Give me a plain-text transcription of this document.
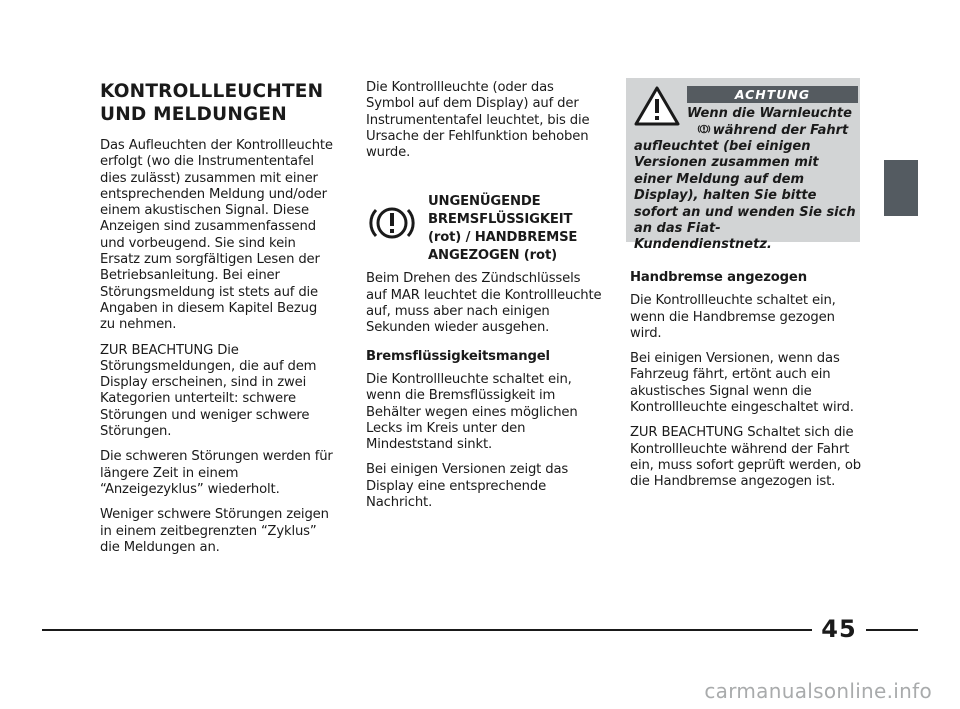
KONTROLLLEUCHTEN
UND MELDUNGEN

Das Aufleuchten der Kontrollleuchte erfolgt (wo die Instrumententafel dies zulässt) zusammen mit einer entsprechenden Meldung und/oder einem akustischen Signal. Diese Anzeigen sind zusammenfassend und vorbeugend. Sie sind kein Ersatz zum sorgfältigen Lesen der Betriebsanleitung. Bei einer Störungsmeldung ist stets auf die Angaben in diesem Kapitel Bezug zu nehmen.

ZUR BEACHTUNG Die Störungsmeldungen, die auf dem Display erscheinen, sind in zwei Kategorien unterteilt: schwere Störungen und weniger schwere Störungen.

Die schweren Störungen werden für längere Zeit in einem “Anzeigezyklus” wiederholt.

Weniger schwere Störungen zeigen in einem zeitbegrenzten “Zyklus” die Meldungen an.

Die Kontrollleuchte (oder das Symbol auf dem Display) auf der Instrumententafel leuchtet, bis die Ursache der Fehlfunktion behoben wurde.

UNGENÜGENDE BREMSFLÜSSIGKEIT (rot) / HANDBREMSE ANGEZOGEN (rot)

Beim Drehen des Zündschlüssels auf MAR leuchtet die Kontrollleuchte auf, muss aber nach einigen Sekunden wieder ausgehen.

Bremsflüssigkeitsmangel

Die Kontrollleuchte schaltet ein, wenn die Bremsflüssigkeit im Behälter wegen eines möglichen Lecks im Kreis unter den Mindeststand sinkt.

Bei einigen Versionen zeigt das Display eine entsprechende Nachricht.

ACHTUNG
Wenn die Warnleuchte

während der Fahrt
aufleuchtet (bei einigen Versionen zusammen mit einer Meldung auf dem Display), halten Sie bitte sofort an und wenden Sie sich an das Fiat-Kundendienstnetz.
Handbremse angezogen

Die Kontrollleuchte schaltet ein, wenn die Handbremse gezogen wird.

Bei einigen Versionen, wenn das Fahrzeug fährt, ertönt auch ein akustisches Signal wenn die Kontrollleuchte eingeschaltet wird.

ZUR BEACHTUNG Schaltet sich die Kontrollleuchte während der Fahrt ein, muss sofort geprüft werden, ob die Handbremse angezogen ist.

45
carmanualsonline.info
